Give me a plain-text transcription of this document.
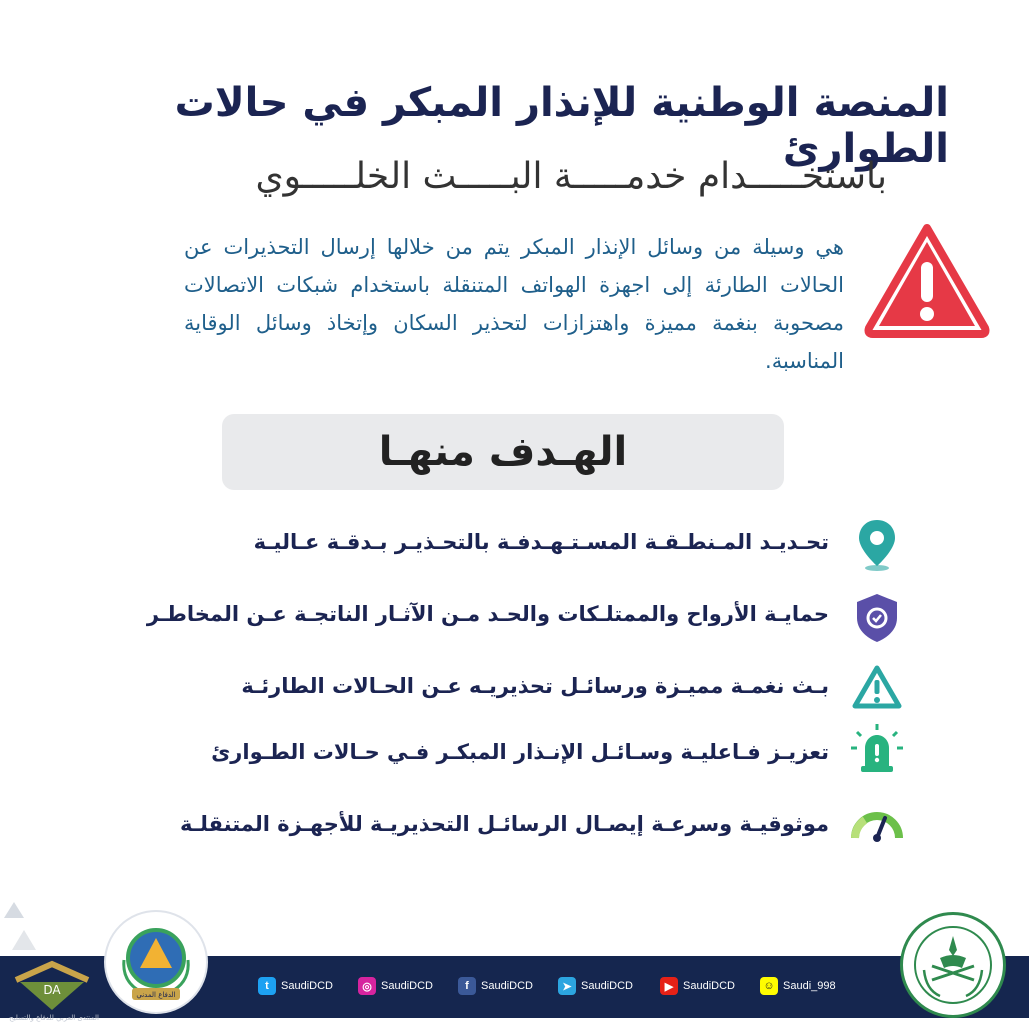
المنصة الوطنية للإنذار المبكر في حالات الطوارئ
باستخـــــدام خدمـــــة البـــــث الخلـــــوي
هي وسيلة من وسائل الإنذار المبكر يتم من خلالها إرسال التحذيرات عن الحالات الطارئة إلى اجهزة الهواتف المتنقلة باستخدام شبكات الاتصالات مصحوبة بنغمة مميزة واهتزازات لتحذير السكان وإتخاذ وسائل الوقاية المناسبة.
الهـدف منهـا
تحـديـد المـنطـقـة المسـتـهـدفـة بالتحـذيـر بـدقـة عـاليـة
حمايـة الأرواح والممتلـكات والحـد مـن الآثـار الناتجـة عـن المخاطـر
بـث نغمـة مميـزة ورسائـل تحذيريـه عـن الحـالات الطارئـة
تعزيـز فـاعليـة وسـائـل الإنـذار المبكـر فـي حـالات الطـوارئ
موثوقيـة وسرعـة إيصـال الرسائـل التحذيريـة للأجهـزة المتنقلـة
t	SaudiDCD	◎ SaudiDCD	f	SaudiDCD	➤ SaudiDCD	▶ SaudiDCD	☺ Saudi_998
الدفاع المدني
DA
المنتدى العربي للدفاع والتسليح
